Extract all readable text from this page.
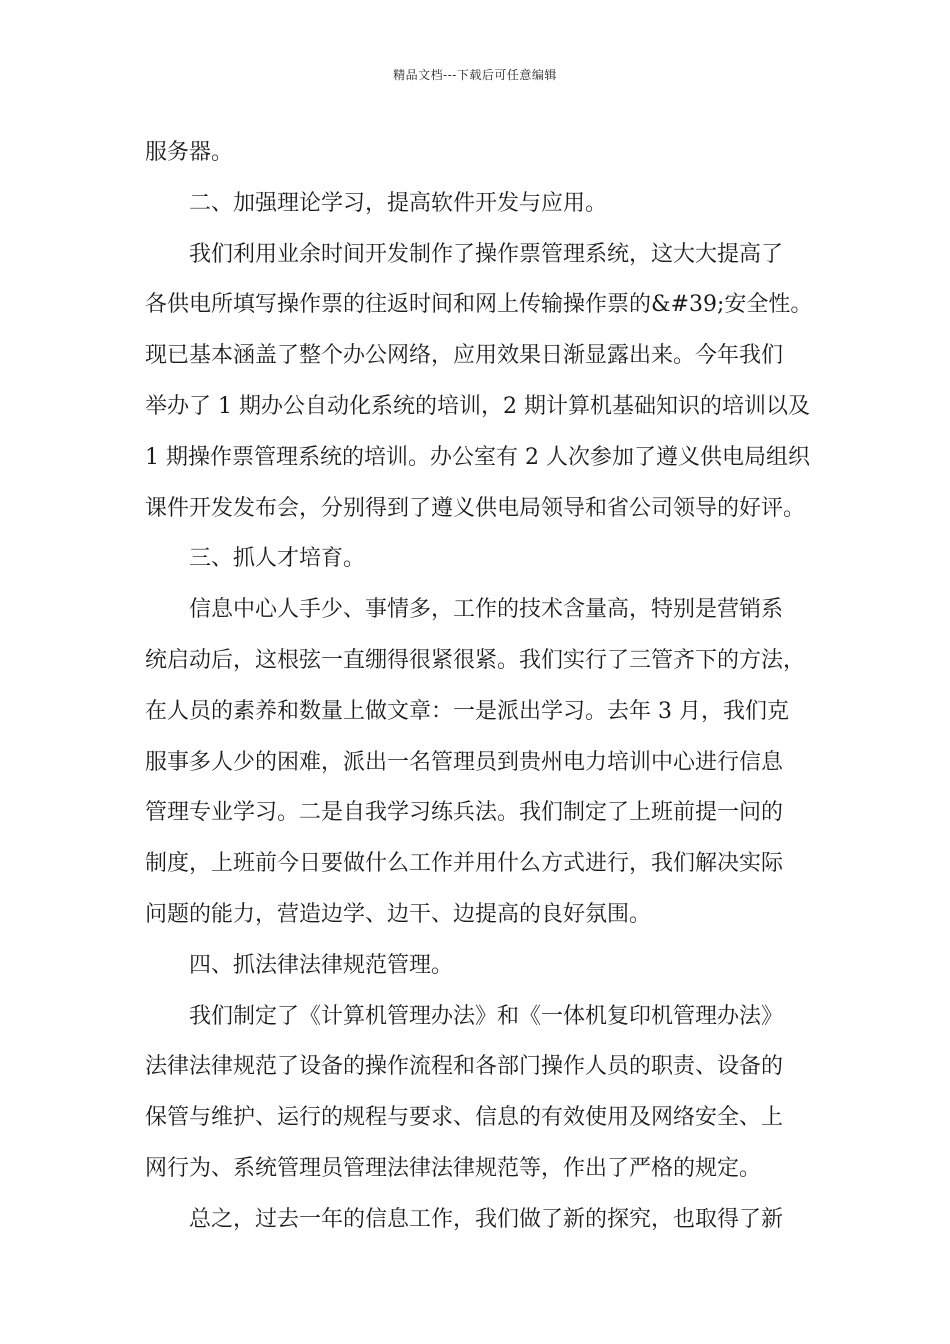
精品文档---下载后可任意编辑
服务器。
二、加强理论学习，提高软件开发与应用。
我们利用业余时间开发制作了操作票管理系统，这大大提高了
各供电所填写操作票的往返时间和网上传输操作票的&#39;安全性。
现已基本涵盖了整个办公网络，应用效果日渐显露出来。今年我们
举办了 1 期办公自动化系统的培训，2 期计算机基础知识的培训以及
1 期操作票管理系统的培训。办公室有 2 人次参加了遵义供电局组织
课件开发发布会，分别得到了遵义供电局领导和省公司领导的好评。
三、抓人才培育。
信息中心人手少、事情多，工作的技术含量高，特别是营销系
统启动后，这根弦一直绷得很紧很紧。我们实行了三管齐下的方法，
在人员的素养和数量上做文章：一是派出学习。去年 3 月，我们克
服事多人少的困难，派出一名管理员到贵州电力培训中心进行信息
管理专业学习。二是自我学习练兵法。我们制定了上班前提一问的
制度，上班前今日要做什么工作并用什么方式进行，我们解决实际
问题的能力，营造边学、边干、边提高的良好氛围。
四、抓法律法律规范管理。
我们制定了《计算机管理办法》和《一体机复印机管理办法》
法律法律规范了设备的操作流程和各部门操作人员的职责、设备的
保管与维护、运行的规程与要求、信息的有效使用及网络安全、上
网行为、系统管理员管理法律法律规范等，作出了严格的规定。
总之，过去一年的信息工作，我们做了新的探究，也取得了新
